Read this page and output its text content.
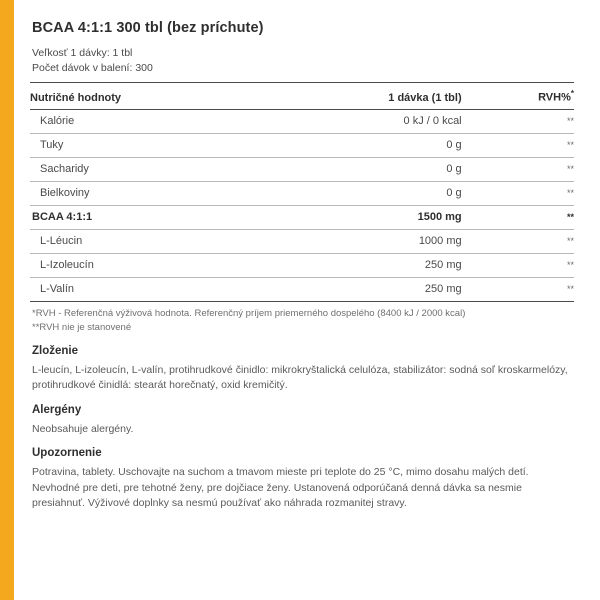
BCAA 4:1:1 300 tbl (bez príchute)
Veľkosť 1 dávky: 1 tbl
Počet dávok v balení: 300
Nutričné hodnoty	1 dávka (1 tbl)	RVH%*
Kalórie	0 kJ / 0 kcal	**
Tuky	0 g	**
Sacharidy	0 g	**
Bielkoviny	0 g	**
BCAA 4:1:1	1500 mg	**
L-Léucin	1000 mg	**
L-Izoleucín	250 mg	**
L-Valín	250 mg	**
*RVH - Referenčná výživová hodnota. Referenčný príjem priemerného dospelého (8400 kJ / 2000 kcal)
**RVH nie je stanovené
Zloženie
L-leucín, L-izoleucín, L-valín, protihrudkové činidlo: mikrokryštalická celulóza, stabilizátor: sodná soľ kroskarmelózy, protihrudkové činidlá: stearát horečnatý, oxid kremičitý.
Alergény
Neobsahuje alergény.
Upozornenie
Potravina, tablety. Uschovajte na suchom a tmavom mieste pri teplote do 25 °C, mimo dosahu malých detí. Nevhodné pre deti, pre tehotné ženy, pre dojčiace ženy. Ustanovená odporúčaná denná dávka sa nesmie presiahnuť. Výživové doplnky sa nesmú používať ako náhrada rozmanitej stravy.
